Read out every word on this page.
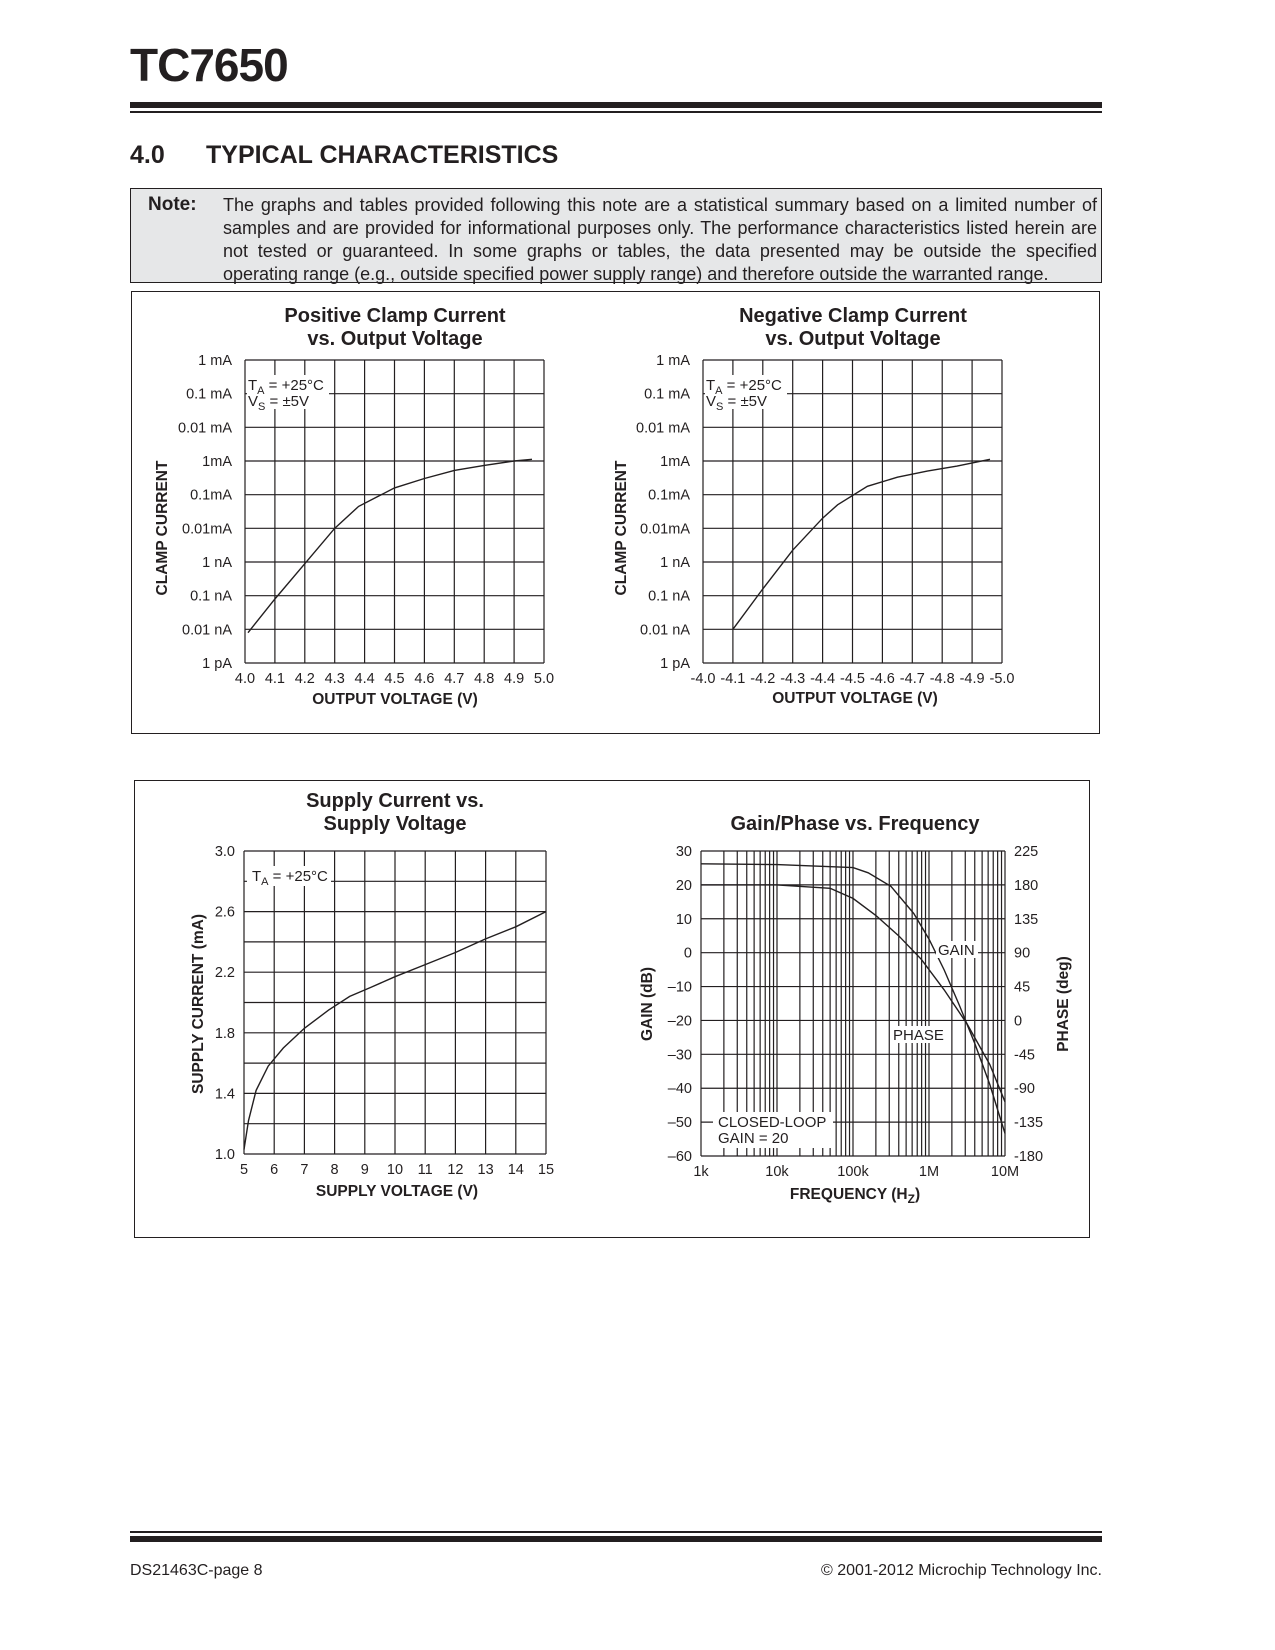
TC7650
4.0 TYPICAL CHARACTERISTICS
Note: The graphs and tables provided following this note are a statistical summary based on a limited number of samples and are provided for informational purposes only. The performance characteristics listed herein are not tested or guaranteed. In some graphs or tables, the data presented may be outside the specified operating range (e.g., outside specified power supply range) and therefore outside the warranted range.
4.0 4.1 4.2 4.3 4.4 4.5 4.6 4.7 4.8 4.9 5.0
Positive Clamp Current
vs. Output Voltage
1 mA
0.1 mA
0.01 mA
1mA
0.1mA
0.01mA
1 nA
0.1 nA
0.01 nA
1 pA
OUTPUT VOLTAGE (V)
CLAMP CURRENT
$T_A = +25^\circ C$
$V_S = \pm 5V$
-4.0 -4.1 -4.2 -4.3 -4.4 -4.5 -4.6 -4.7 -4.8 -4.9 -5.0
Negative Clamp Current
vs. Output Voltage
1 mA
0.1 mA
0.01 mA
1mA
0.1mA
0.01mA
1 nA
0.1 nA
0.01 nA
1 pA
OUTPUT VOLTAGE (V)
CLAMP CURRENT
$T_A = +25^\circ C$
$V_S = \pm 5V$
5 6 7 8 9 10 11 12 13 14 15
Supply Current vs.
Supply Voltage
3.0
2.6
2.2
1.8
1.4
1.0
SUPPLY VOLTAGE (V)
SUPPLY CURRENT (mA)
$T_A = +25^\circ C$
Gain/Phase vs. Frequency
1k	10k	100k	1M	10M
30
20
10
0
–10
–20
–30
–40
–50
–60
225
180
135
90
45
0
-45
-90
-135
-180
FREQUENCY $(H_Z)$
GAIN (dB)	PHASE (deg)
GAIN
PHASE
CLOSED-LOOP
GAIN = 20
DS21463C-page 8	© 2001-2012 Microchip Technology Inc.
